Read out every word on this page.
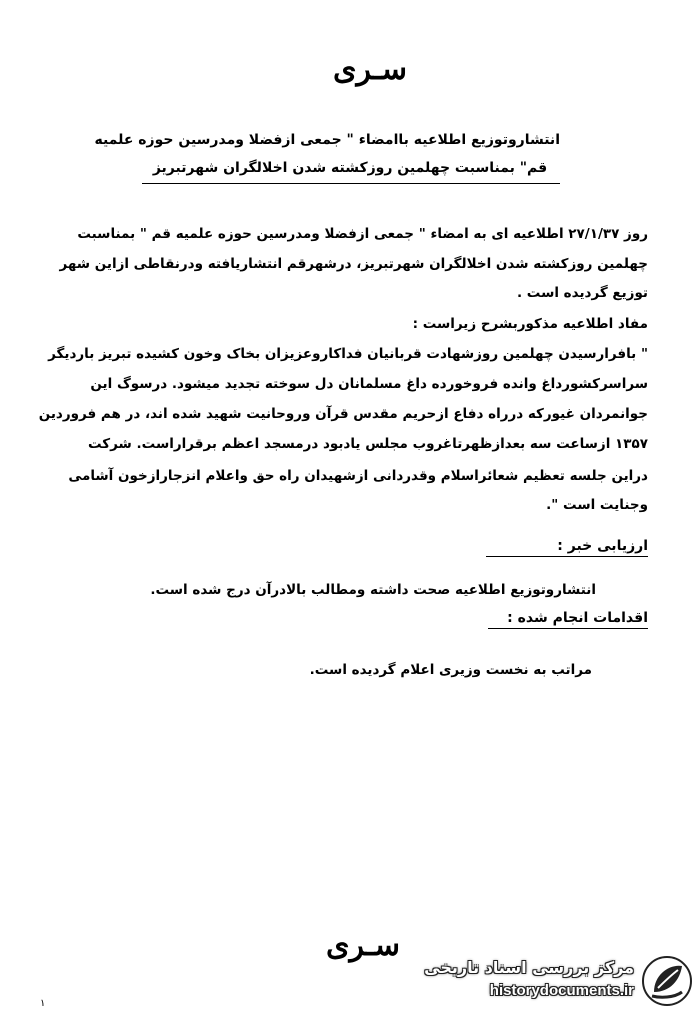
سـری
انتشاروتوزیع اطلاعیه باامضاء " جمعی ازفضلا ومدرسین حوزه علمیه
قم" بمناسبت چهلمین روزکشته شدن اخلالگران شهرتبریز
روز ۲۷/۱/۳۷ اطلاعیه ای به امضاء " جمعی ازفضلا ومدرسین حوزه علمیه قم " بمناسبت
چهلمین روزکشته شدن اخلالگران شهرتبریز، درشهرقم انتشاریافته ودرنقاطی ازاین شهر
توزیع گردیده است .
مفاد اطلاعیه مذکوربشرح زیراست :
" بافرارسیدن چهلمین روزشهادت قربانیان فداکاروعزیزان بخاک وخون کشیده تبریز باردیگر
سراسرکشورداغ وانده فروخورده داغ مسلمانان دل سوخته تجدید میشود. درسوگ این
جوانمردان غیورکه درراه دفاع ازحریم مقدس قرآن وروحانیت شهید شده اند، در هم فروردین
۱۳۵۷ ازساعت سه بعدازظهرتاغروب مجلس یادبود درمسجد اعظم برقراراست. شرکت
دراین جلسه تعظیم شعائراسلام وقدردانی ازشهیدان راه حق واعلام انزجارازخون آشامی
وجنایت است ".
ارزیابی خبر :
انتشاروتوزیع اطلاعیه صحت داشته ومطالب بالادرآن درج شده است.
اقدامات انجام شده :
مراتب به نخست وزیری اعلام گردیده است.
سـری
۱
مرکز بررسی اسناد تاریخی
historydocuments.ir
